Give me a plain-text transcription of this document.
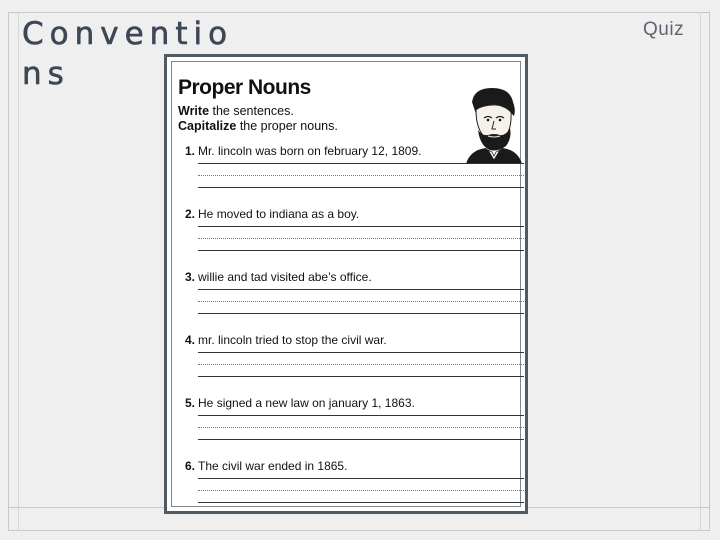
Conventions
Quiz
Proper Nouns
Write the sentences.
Capitalize the proper nouns.
1. Mr. lincoln was born on february 12, 1809.
2. He moved to indiana as a boy.
3. willie and tad visited abe’s office.
4. mr. lincoln tried to stop the civil war.
5. He signed a new law on january 1, 1863.
6. The civil war ended in 1865.
